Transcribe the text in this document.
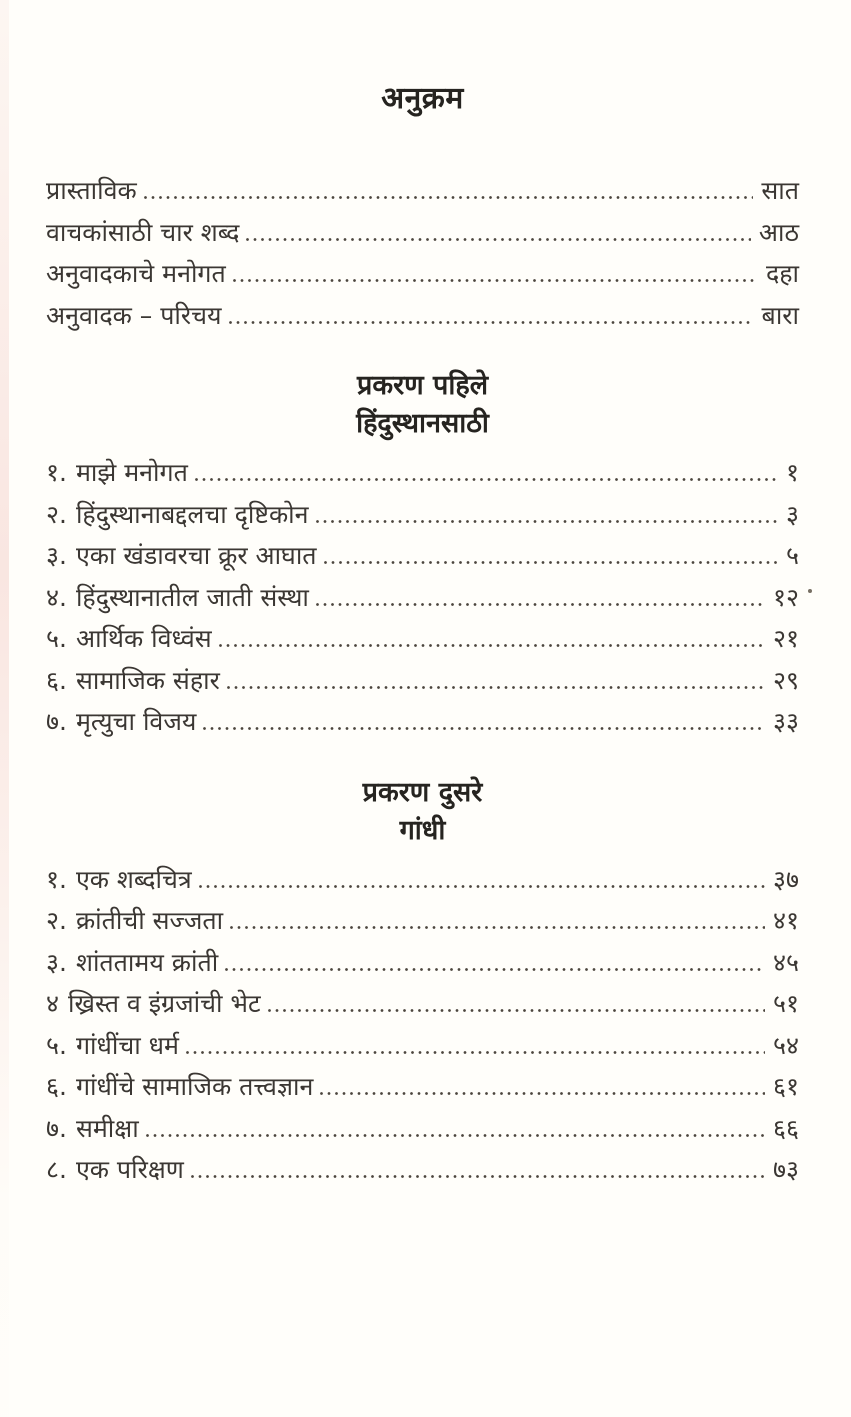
अनुक्रम
प्रास्ताविक	सात
वाचकांसाठी चार शब्द	आठ
अनुवादकाचे मनोगत	दहा
अनुवादक – परिचय	बारा
प्रकरण पहिले
हिंदुस्थानसाठी
१. माझे मनोगत	१
२. हिंदुस्थानाबद्दलचा दृष्टिकोन	३
३. एका खंडावरचा क्रूर आघात	५
४. हिंदुस्थानातील जाती संस्था	१२
५. आर्थिक विध्वंस	२१
६. सामाजिक संहार	२९
७. मृत्युचा विजय	३३
प्रकरण दुसरे
गांधी
१. एक शब्दचित्र	३७
२. क्रांतीची सज्जता	४१
३. शांततामय क्रांती	४५
४ ख्रिस्त व इंग्रजांची भेट	५१
५. गांधींचा धर्म	५४
६. गांधींचे सामाजिक तत्त्वज्ञान	६१
७. समीक्षा	६६
८. एक परिक्षण	७३
